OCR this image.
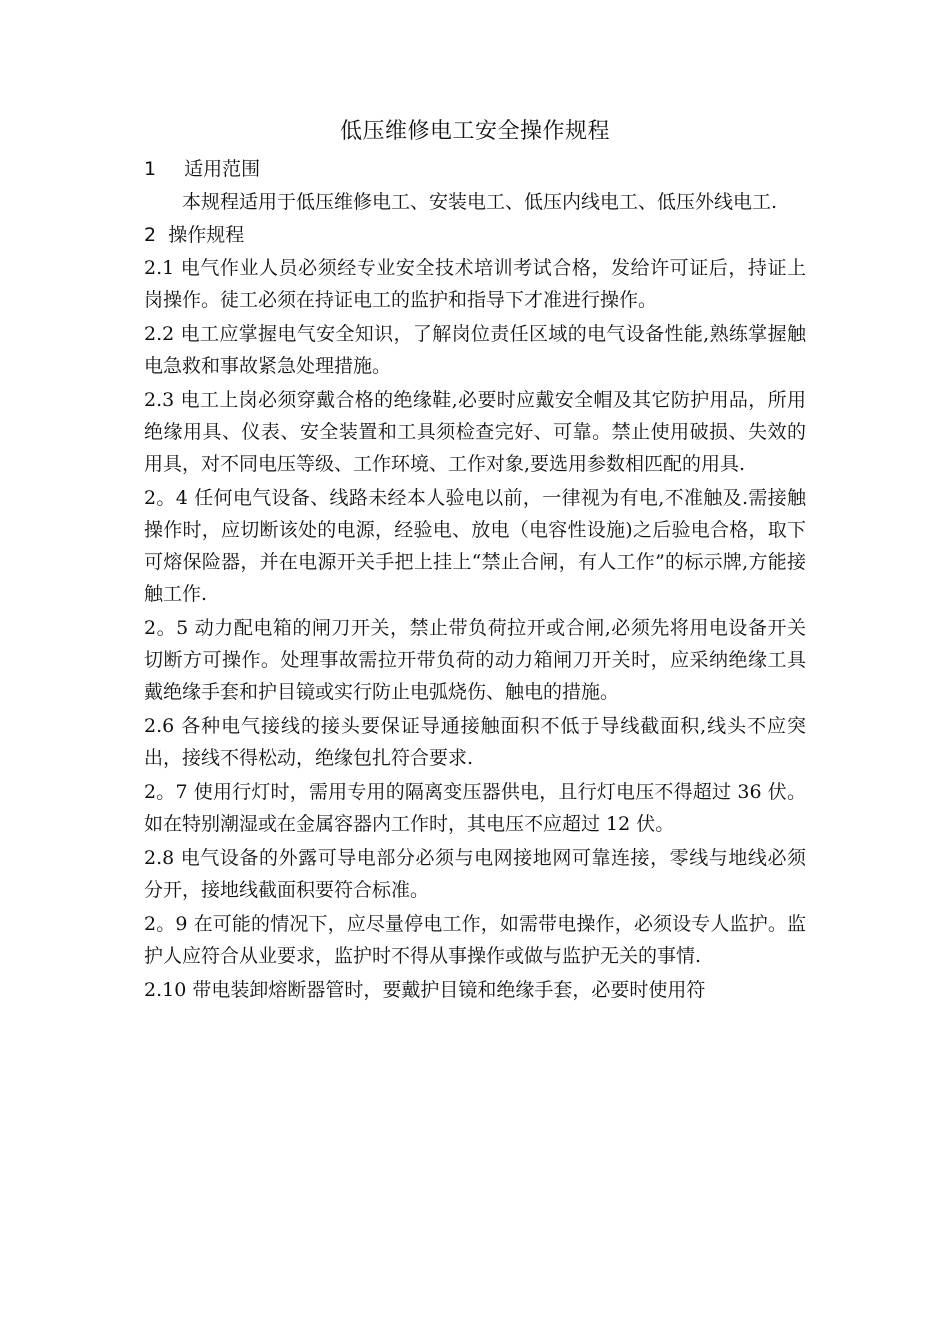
低压维修电工安全操作规程
1 适用范围

本规程适用于低压维修电工、安装电工、低压内线电工、低压外线电工.

2 操作规程

2.1 电气作业人员必须经专业安全技术培训考试合格，发给许可证后，持证上岗操作。徒工必须在持证电工的监护和指导下才准进行操作。

2.2 电工应掌握电气安全知识，了解岗位责任区域的电气设备性能,熟练掌握触电急救和事故紧急处理措施。

2.3 电工上岗必须穿戴合格的绝缘鞋,必要时应戴安全帽及其它防护用品，所用绝缘用具、仪表、安全装置和工具须检查完好、可靠。禁止使用破损、失效的用具，对不同电压等级、工作环境、工作对象,要选用参数相匹配的用具.

2。4 任何电气设备、线路未经本人验电以前，一律视为有电,不准触及.需接触操作时，应切断该处的电源，经验电、放电（电容性设施)之后验电合格，取下可熔保险器，并在电源开关手把上挂上“禁止合闸，有人工作”的标示牌,方能接触工作.

2。5 动力配电箱的闸刀开关，禁止带负荷拉开或合闸,必须先将用电设备开关切断方可操作。处理事故需拉开带负荷的动力箱闸刀开关时，应采纳绝缘工具戴绝缘手套和护目镜或实行防止电弧烧伤、触电的措施。

2.6 各种电气接线的接头要保证导通接触面积不低于导线截面积,线头不应突出，接线不得松动，绝缘包扎符合要求.

2。7 使用行灯时，需用专用的隔离变压器供电，且行灯电压不得超过 36 伏。如在特别潮湿或在金属容器内工作时，其电压不应超过 12 伏。

2.8 电气设备的外露可导电部分必须与电网接地网可靠连接，零线与地线必须分开，接地线截面积要符合标准。

2。9 在可能的情况下，应尽量停电工作，如需带电操作，必须设专人监护。监护人应符合从业要求，监护时不得从事操作或做与监护无关的事情.

2.10 带电装卸熔断器管时，要戴护目镜和绝缘手套，必要时使用符
